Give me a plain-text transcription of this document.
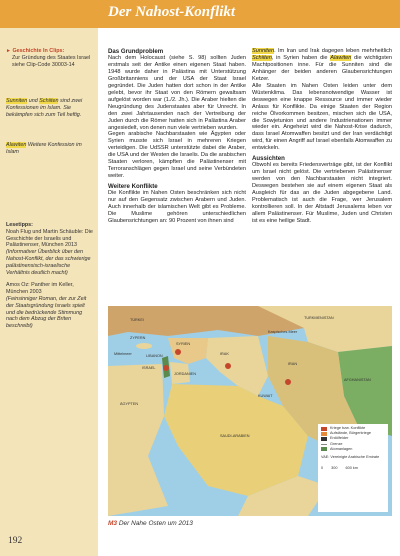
Der Nahost-Konflikt
► Geschichte In Clips:
Zur Gründung des Staates Israel siehe Clip-Code 30003-14
Sunniten und Schiiten sind zwei Konfessionen im Islam. Sie bekämpfen sich zum Teil heftig.
Alawiten Weitere Konfession im Islam
Lesetipps:
Noah Flug und Martin Schäuble: Die Geschichte der Israelis und Palästinenser, München 2013
(Informativer Überblick über den Nahost-Konflikt, der das schwierige palästinensisch-israelische Verhältnis deutlich macht)
Amos Oz: Panther im Keller, München 2003
(Feinsinniger Roman, der zur Zeit der Staatsgründung Israels spielt und die bedrückende Stimmung nach dem Abzug der Briten beschreibt)
Das Grundproblem

Nach dem Holocaust (siehe S. 98) sollten Juden erstmals seit der Antike einen eigenen Staat haben. 1948 wurde daher in Palästina mit Unterstützung Großbritanniens und der USA der Staat Israel gegründet. Die Juden hatten dort schon in der Antike gelebt, bevor ihr Staat von den Römern gewaltsam aufgelöst worden war (1./2. Jh.). Die Araber hielten die Neugründung des Judenstaates aber für Unrecht. In den zwei Jahrtausenden nach der Vertreibung der Juden durch die Römer hatten sich in Palästina Araber angesiedelt, von denen nun viele vertrieben wurden.

Gegen arabische Nachbarstaaten wie Ägypten oder Syrien musste sich Israel in mehreren Kriegen verteidigen. Die UdSSR unterstützte dabei die Araber, die USA und der Westen die Israelis. Da die arabischen Staaten verloren, kämpften die Palästinenser mit Terroranschlägen gegen Israel und seine Verbündeten weiter.

Weitere Konflikte

Die Konflikte im Nahen Osten beschränken sich nicht nur auf den Gegensatz zwischen Arabern und Juden. Auch innerhalb der islamischen Welt gibt es Probleme. Die Muslime gehören unterschiedlichen Glaubensrichtungen an: 90 Prozent von ihnen sind

Sunniten. Im Iran und Irak dagegen leben mehrheitlich Schiiten, in Syrien haben die Alawiten die wichtigsten Machtpositionen inne. Für die Sunniten sind die Anhänger der beiden anderen Glaubensrichtungen Ketzer.

Alle Staaten im Nahen Osten leiden unter dem Wüstenklima. Das lebensnotwendige Wasser ist deswegen eine knappe Ressource und immer wieder Anlass für Konflikte. Da einige Staaten der Region reiche Ölvorkommen besitzen, mischen sich die USA, die Sowjetunion und andere Industrienationen immer wieder ein. Angeheizt wird die Nahost-Krise dadurch, dass Israel Atomwaffen besitzt und der Iran verdächtigt wird, für einen Angriff auf Israel ebenfalls Atomwaffen zu entwickeln.

Aussichten

Obwohl es bereits Friedensverträge gibt, ist der Konflikt um Israel nicht gelöst. Die vertriebenen Palästinenser werden von den Nachbarstaaten nicht integriert. Deswegen bestehen sie auf einem eigenen Staat als Ausgleich für das an die Juden abgegebene Land. Problematisch ist auch die Frage, wer Jerusalem kontrollieren soll. In der Altstadt Jerusalems leben vor allem Palästinenser. Für Muslime, Juden und Christen ist es eine heilige Stadt.

TÜRKEI	TURKMENISTAN
AFGHANISTAN
SYRIEN
IRAK
IRAN
ZYPERN
LIBANON
ISRAEL
JORDANIEN
ÄGYPTEN
SAUDI-ARABIEN
KUWAIT
Kaspisches Meer
Mittelmeer
Kriege bzw. Konflikte
Aufstände, Bürgerkriege
Erdölfelder
Grenze
Atomanlagen
VAE: Vereinigte Arabische Emirate
0 300 600 km
M3 Der Nahe Osten um 2013
192
